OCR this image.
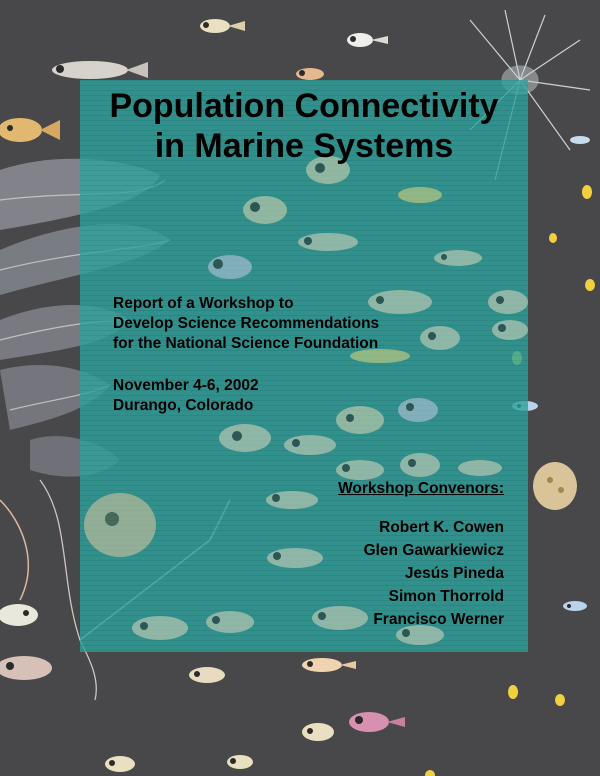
Population Connectivity
in Marine Systems
Report of a Workshop to
Develop Science Recommendations
for the National Science Foundation
November 4-6, 2002
Durango, Colorado
Workshop Convenors:
Robert K. Cowen
Glen Gawarkiewicz
Jesús Pineda
Simon Thorrold
Francisco Werner
